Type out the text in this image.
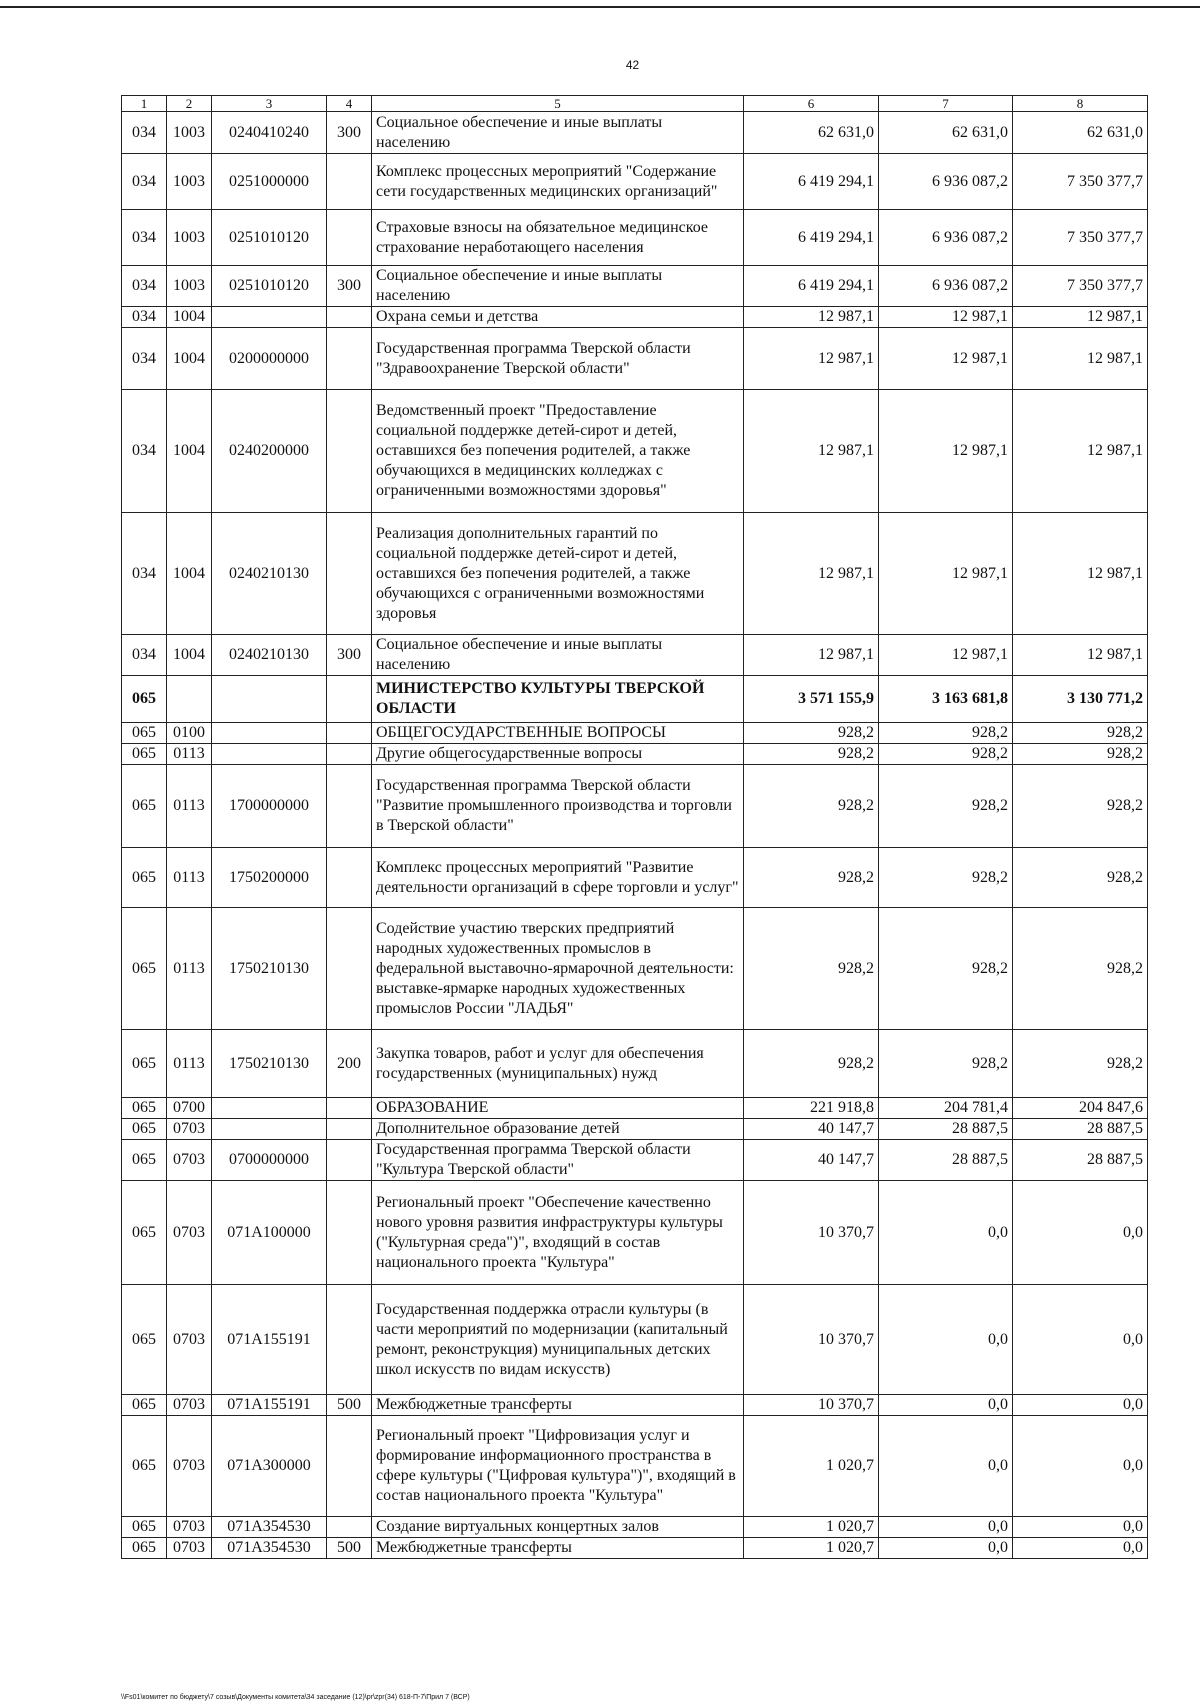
42
1	2	3	4	5	6	7	8
034	1003	0240410240	300	Социальное обеспечение и иные выплаты населению	62 631,0	62 631,0	62 631,0
034	1003	0251000000		Комплекс процессных мероприятий "Содержание сети государственных медицинских организаций"	6 419 294,1	6 936 087,2	7 350 377,7
034	1003	0251010120		Страховые взносы на обязательное медицинское страхование неработающего населения	6 419 294,1	6 936 087,2	7 350 377,7
034	1003	0251010120	300	Социальное обеспечение и иные выплаты населению	6 419 294,1	6 936 087,2	7 350 377,7
034	1004			Охрана семьи и детства	12 987,1	12 987,1	12 987,1
034	1004	0200000000		Государственная программа Тверской области "Здравоохранение Тверской области"	12 987,1	12 987,1	12 987,1
034	1004	0240200000		Ведомственный проект "Предоставление социальной поддержке детей-сирот и детей, оставшихся без попечения родителей, а также обучающихся в медицинских колледжах с ограниченными возможностями здоровья"	12 987,1	12 987,1	12 987,1
034	1004	0240210130		Реализация дополнительных гарантий по социальной поддержке детей-сирот и детей, оставшихся без попечения родителей, а также обучающихся с ограниченными возможностями здоровья	12 987,1	12 987,1	12 987,1
034	1004	0240210130	300	Социальное обеспечение и иные выплаты населению	12 987,1	12 987,1	12 987,1
065				МИНИСТЕРСТВО КУЛЬТУРЫ ТВЕРСКОЙ ОБЛАСТИ	3 571 155,9	3 163 681,8	3 130 771,2
065	0100			ОБЩЕГОСУДАРСТВЕННЫЕ ВОПРОСЫ	928,2	928,2	928,2
065	0113			Другие общегосударственные вопросы	928,2	928,2	928,2
065	0113	1700000000		Государственная программа Тверской области "Развитие промышленного производства и торговли в Тверской области"	928,2	928,2	928,2
065	0113	1750200000		Комплекс процессных мероприятий "Развитие деятельности организаций в сфере торговли и услуг"	928,2	928,2	928,2
065	0113	1750210130		Содействие участию тверских предприятий народных художественных промыслов в федеральной выставочно-ярмарочной деятельности: выставке-ярмарке народных художественных промыслов России "ЛАДЬЯ"	928,2	928,2	928,2
065	0113	1750210130	200	Закупка товаров, работ и услуг для обеспечения государственных (муниципальных) нужд	928,2	928,2	928,2
065	0700			ОБРАЗОВАНИЕ	221 918,8	204 781,4	204 847,6
065	0703			Дополнительное образование детей	40 147,7	28 887,5	28 887,5
065	0703	0700000000		Государственная программа Тверской области "Культура Тверской области"	40 147,7	28 887,5	28 887,5
065	0703	071A100000		Региональный проект "Обеспечение качественно нового уровня развития инфраструктуры культуры ("Культурная среда")", входящий в состав национального проекта "Культура"	10 370,7	0,0	0,0
065	0703	071A155191		Государственная поддержка отрасли культуры (в части мероприятий по модернизации (капитальный ремонт, реконструкция) муниципальных детских школ искусств по видам искусств)	10 370,7	0,0	0,0
065	0703	071A155191	500	Межбюджетные трансферты	10 370,7	0,0	0,0
065	0703	071A300000		Региональный проект "Цифровизация услуг и формирование информационного пространства в сфере культуры ("Цифровая культура")", входящий в состав национального проекта "Культура"	1 020,7	0,0	0,0
065	0703	071A354530		Создание виртуальных концертных залов	1 020,7	0,0	0,0
065	0703	071A354530	500	Межбюджетные трансферты	1 020,7	0,0	0,0
\\Fs01\комитет по бюджету\7 созыв\Документы комитета\34 заседание (12)\pr\zpr(34) 618-П-7\Прил 7 (ВСР)
